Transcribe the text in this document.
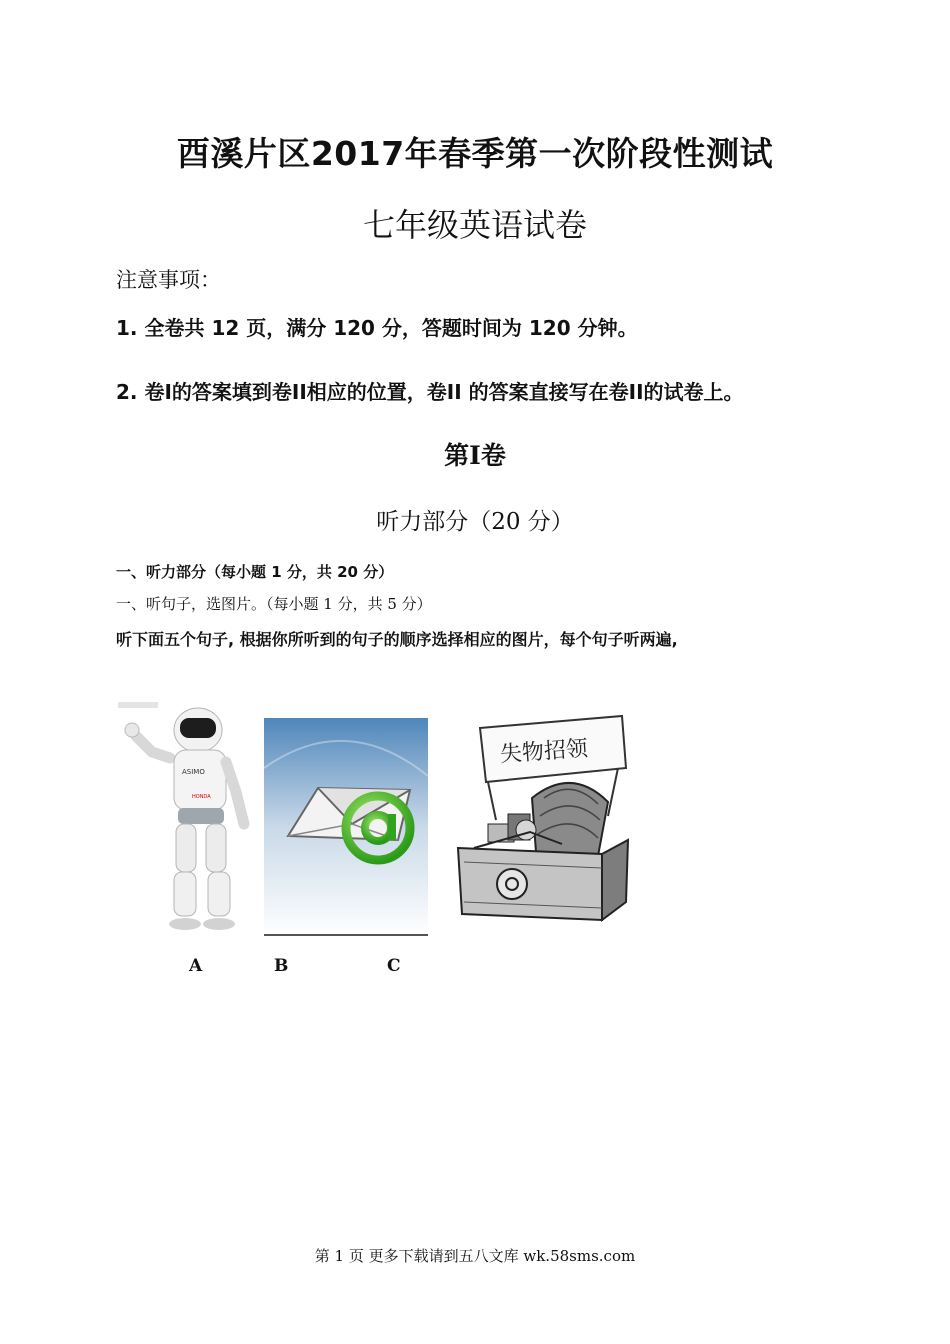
酉溪片区2017年春季第一次阶段性测试
七年级英语试卷
注意事项：
1. 全卷共 12 页，满分 120 分，答题时间为 120 分钟。
2. 卷I的答案填到卷II相应的位置，卷II 的答案直接写在卷II的试卷上。
第I卷
听力部分（20 分）
一、听力部分（每小题 1 分，共 20 分）
一、听句子，选图片。（每小题 1 分，共 5 分）
听下面五个句子, 根据你所听到的句子的顺序选择相应的图片，每个句子听两遍,
ASIMO
HONDA
失物招领
A	B	C
第 1 页 更多下载请到五八文库 wk.58sms.com
